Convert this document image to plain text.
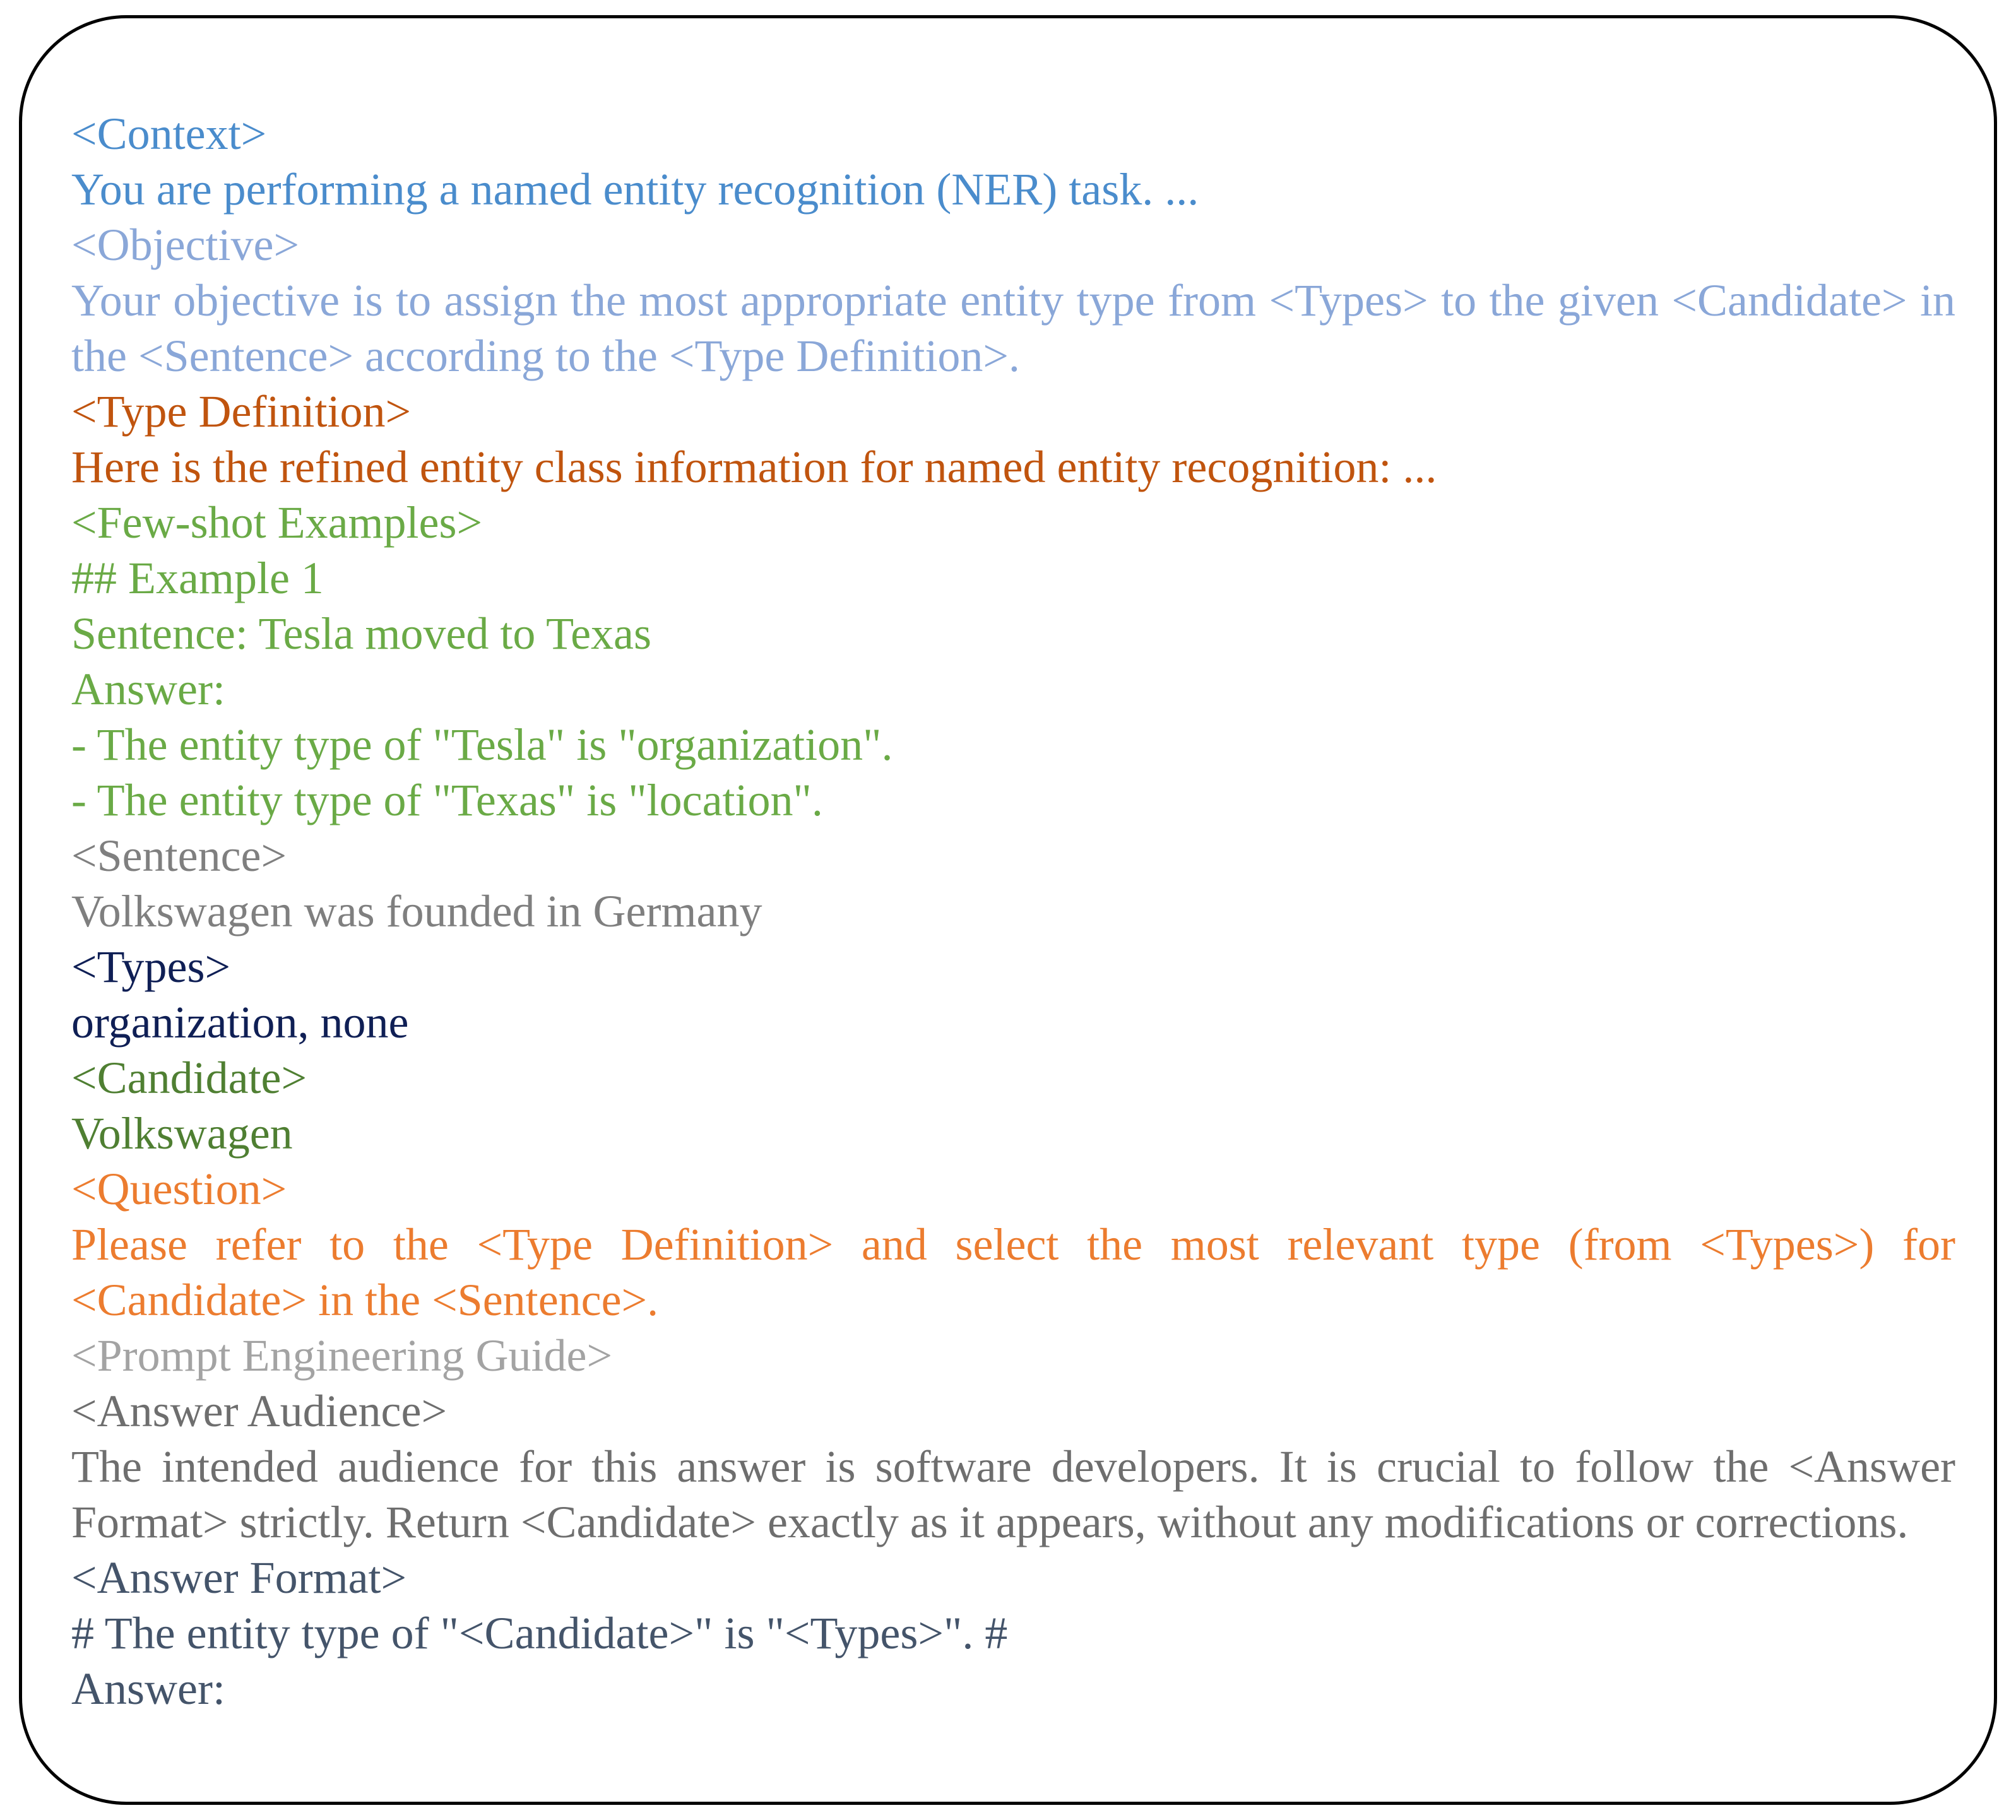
<Context>
You are performing a named entity recognition (NER) task. ...
<Objective>
Your objective is to assign the most appropriate entity type from <Types> to the given <Candidate> in the <Sentence> according to the <Type Definition>.
<Type Definition>
Here is the refined entity class information for named entity recognition: ...
<Few-shot Examples>
## Example 1
Sentence: Tesla moved to Texas
Answer:
- The entity type of "Tesla" is "organization".
- The entity type of "Texas" is "location".
<Sentence>
Volkswagen was founded in Germany
<Types>
organization, none
<Candidate>
Volkswagen
<Question>
Please refer to the <Type Definition> and select the most relevant type (from <Types>) for <Candidate> in the <Sentence>.
<Prompt Engineering Guide>
<Answer Audience>
The intended audience for this answer is software developers. It is crucial to follow the <Answer Format> strictly. Return <Candidate> exactly as it appears, without any modifications or corrections.
<Answer Format>
# The entity type of "<Candidate>" is "<Types>". #
Answer:
